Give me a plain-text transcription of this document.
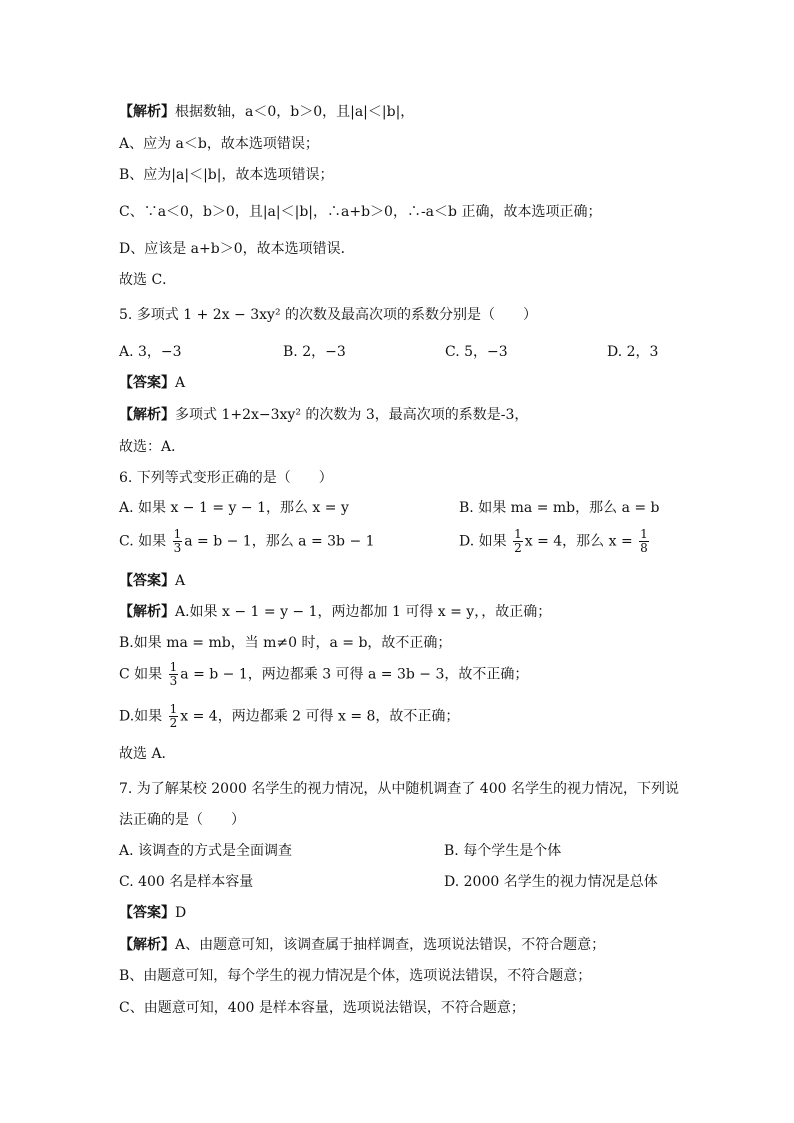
【解析】根据数轴，a＜0，b＞0，且|a|＜|b|，
A、应为 a＜b，故本选项错误；
B、应为|a|＜|b|，故本选项错误；
C、∵a＜0，b＞0，且|a|＜|b|，∴a+b＞0，∴-a＜b 正确，故本选项正确；
D、应该是 a+b＞0，故本选项错误．
故选 C．
5. 多项式 1 + 2x − 3xy² 的次数及最高次项的系数分别是（　　）
A. 3，−3	B. 2，−3	C. 5，−3	D. 2，3
【答案】A
【解析】多项式 1+2x−3xy² 的次数为 3，最高次项的系数是-3，
故选：A．
6. 下列等式变形正确的是（　　）
A. 如果 x − 1 = y − 1，那么 x = y	B. 如果 ma = mb，那么 a = b
C. 如果 $\frac{1}{3}$ a = b − 1，那么 a = 3b − 1	D. 如果 $\frac{1}{2}$ x = 4，那么 $x = \frac{1}{8}$
【答案】A
【解析】A.如果 x − 1 = y − 1，两边都加 1 可得 x = y，，故正确；
B.如果 ma = mb，当 m≠0 时，a = b，故不正确；
C 如果 $\frac{1}{3}$ a = b − 1，两边都乘 3 可得 a = 3b − 3，故不正确；
D.如果 $\frac{1}{2}$ x = 4，两边都乘 2 可得 x = 8，故不正确；
故选 A．
7. 为了解某校 2000 名学生的视力情况，从中随机调查了 400 名学生的视力情况，下列说
法正确的是（　　）
A. 该调查的方式是全面调查	B. 每个学生是个体
C. 400 名是样本容量	D. 2000 名学生的视力情况是总体
【答案】D
【解析】A、由题意可知，该调查属于抽样调查，选项说法错误，不符合题意；
B、由题意可知，每个学生的视力情况是个体，选项说法错误，不符合题意；
C、由题意可知，400 是样本容量，选项说法错误，不符合题意；
